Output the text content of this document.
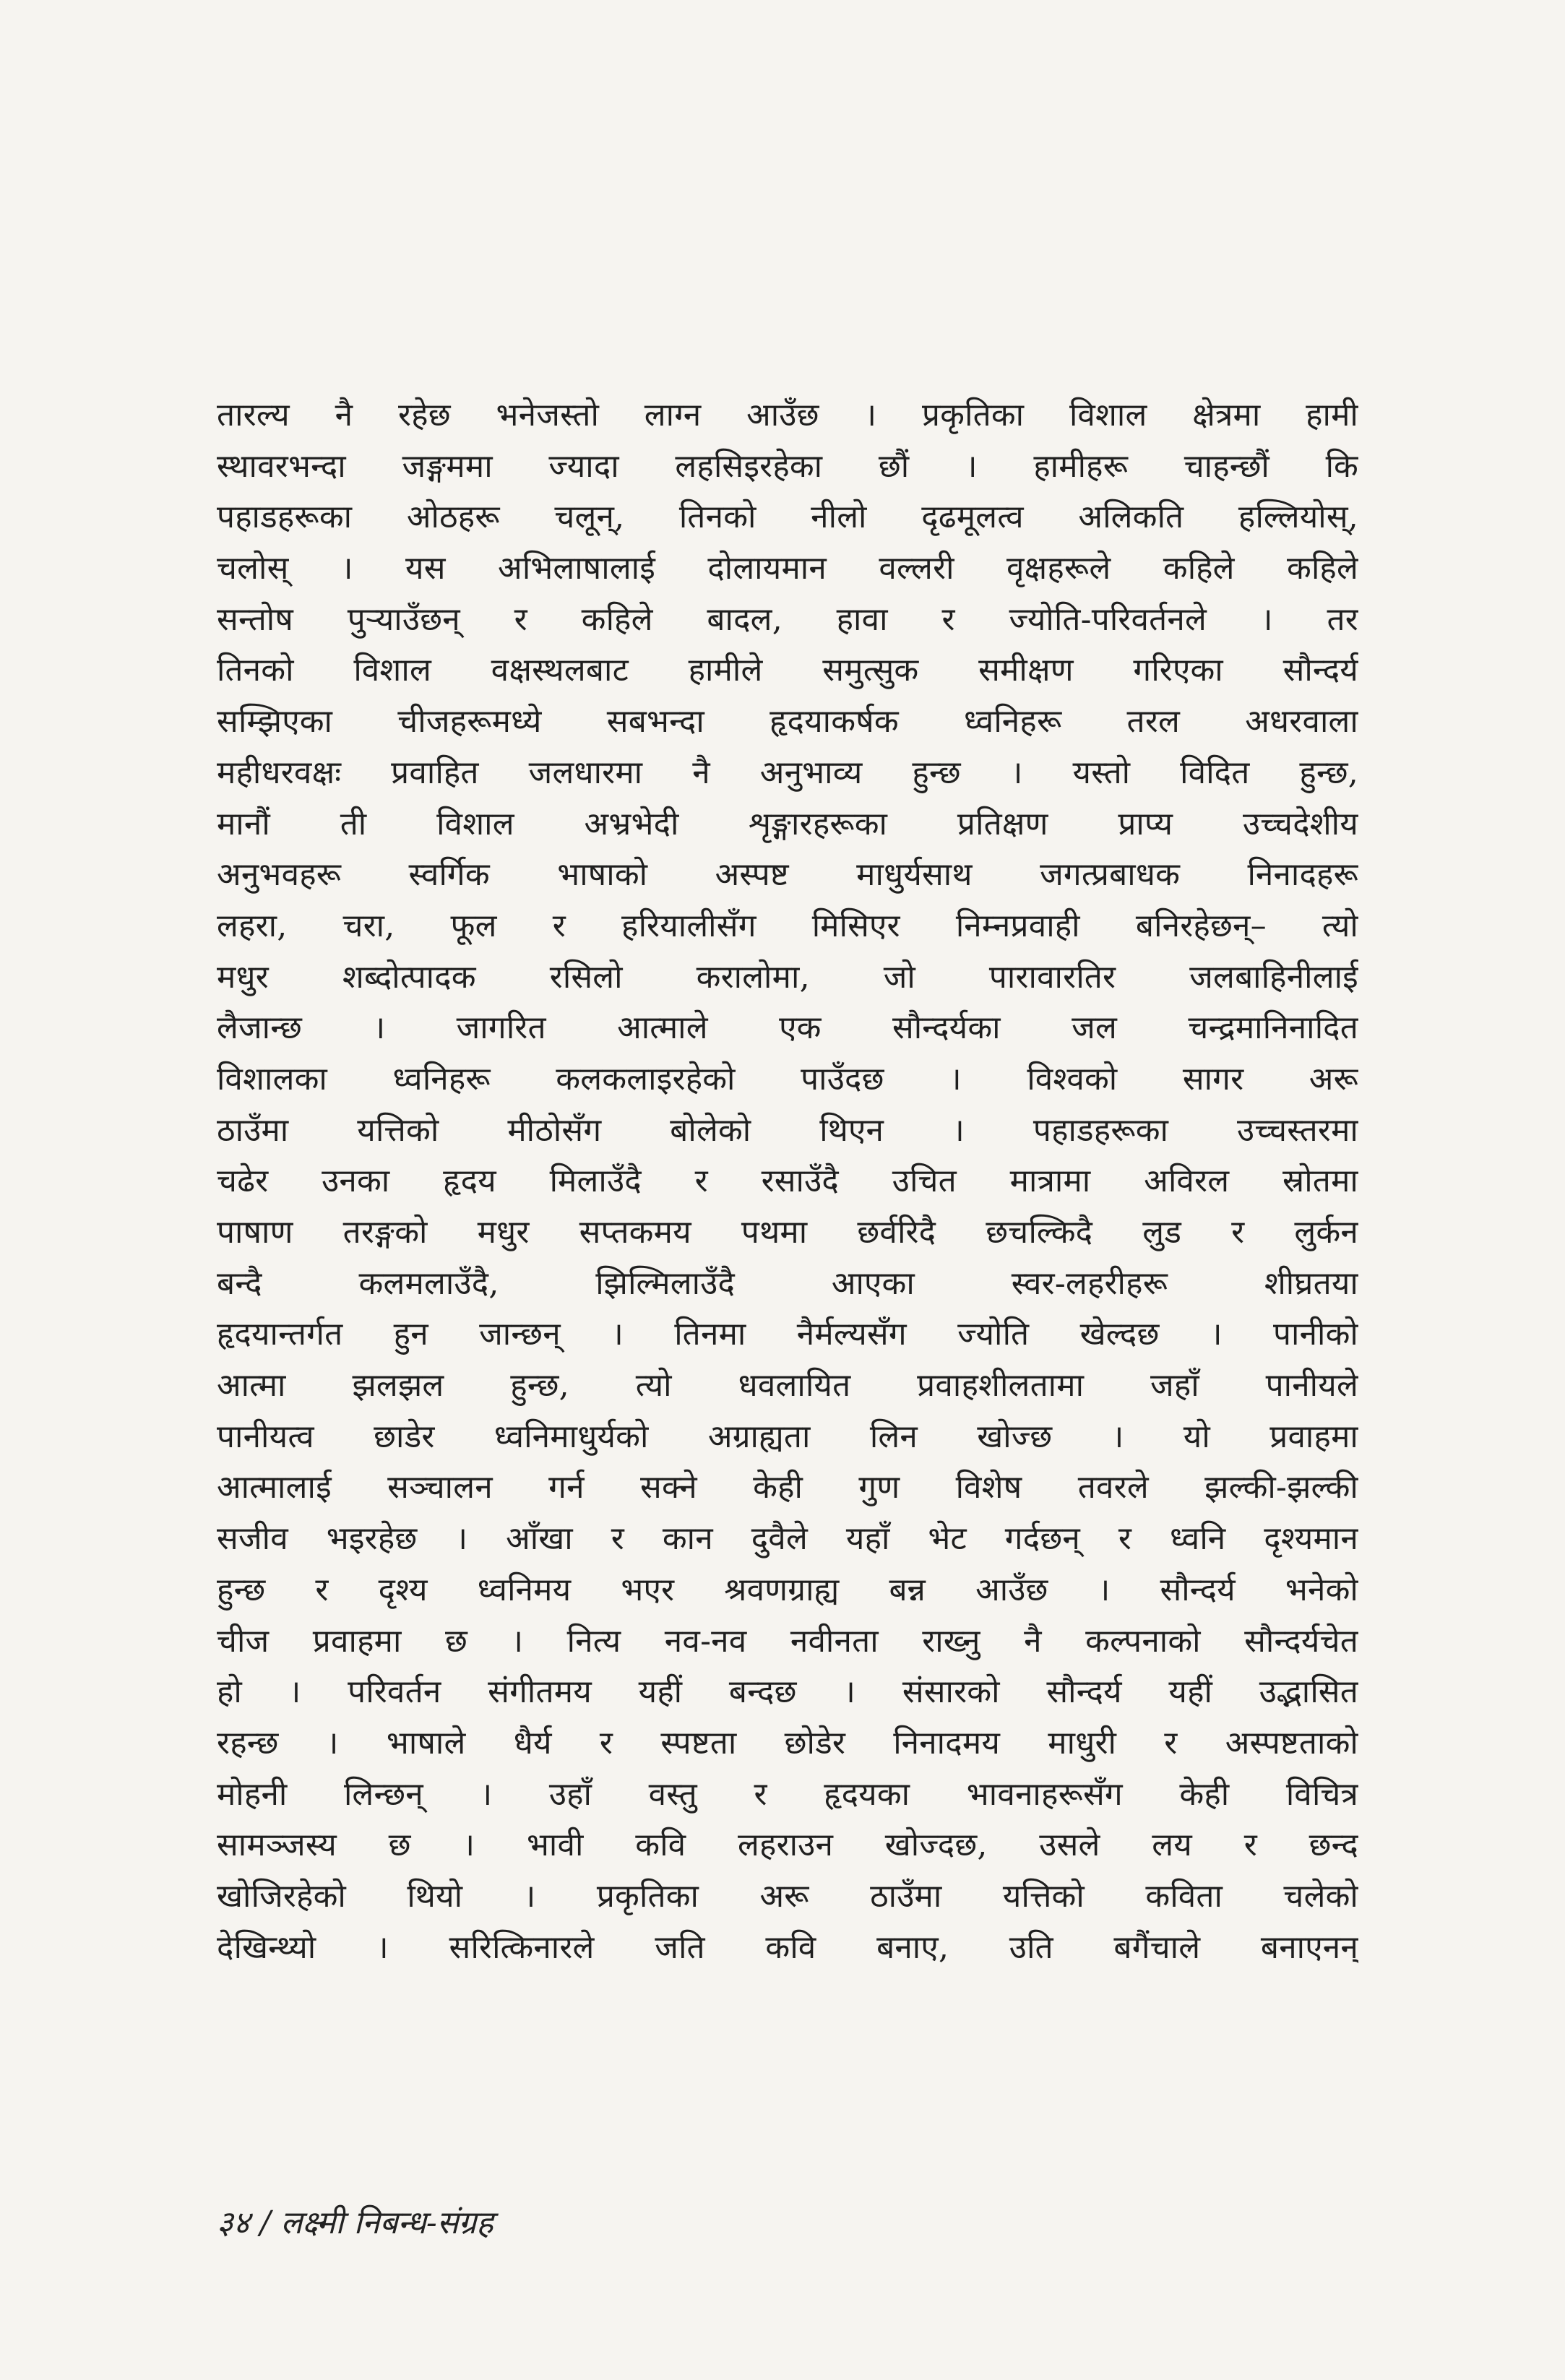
तारल्य नै रहेछ भनेजस्तो लाग्न आउँछ । प्रकृतिका विशाल क्षेत्रमा हामी
स्थावरभन्दा जङ्गममा ज्यादा लहसिइरहेका छौं । हामीहरू चाहन्छौं कि
पहाडहरूका ओठहरू चलून्, तिनको नीलो दृढमूलत्व अलिकति हल्लियोस्,
चलोस् । यस अभिलाषालाई दोलायमान वल्लरी वृक्षहरूले कहिले कहिले
सन्तोष पुऱ्याउँछन् र कहिले बादल, हावा र ज्योति-परिवर्तनले । तर
तिनको विशाल वक्षस्थलबाट हामीले समुत्सुक समीक्षण गरिएका सौन्दर्य
सम्झिएका चीजहरूमध्ये सबभन्दा हृदयाकर्षक ध्वनिहरू तरल अधरवाला
महीधरवक्षः प्रवाहित जलधारमा नै अनुभाव्य हुन्छ । यस्तो विदित हुन्छ,
मानौं ती विशाल अभ्रभेदी शृङ्गारहरूका प्रतिक्षण प्राप्य उच्चदेशीय
अनुभवहरू स्वर्गिक भाषाको अस्पष्ट माधुर्यसाथ जगत्प्रबाधक निनादहरू
लहरा, चरा, फूल र हरियालीसँग मिसिएर निम्नप्रवाही बनिरहेछन्– त्यो
मधुर शब्दोत्पादक रसिलो करालोमा, जो पारावारतिर जलबाहिनीलाई
लैजान्छ । जागरित आत्माले एक सौन्दर्यका जल चन्द्रमानिनादित
विशालका ध्वनिहरू कलकलाइरहेको पाउँदछ । विश्वको सागर अरू
ठाउँमा यत्तिको मीठोसँग बोलेको थिएन । पहाडहरूका उच्चस्तरमा
चढेर उनका हृदय मिलाउँदै र रसाउँदै उचित मात्रामा अविरल स्रोतमा
पाषाण तरङ्गको मधुर सप्तकमय पथमा छर्वरिदै छचल्किदै लुड र लुर्कन
बन्दै कलमलाउँदै, झिल्मिलाउँदै आएका स्वर-लहरीहरू शीघ्रतया
हृदयान्तर्गत हुन जान्छन् । तिनमा नैर्मल्यसँग ज्योति खेल्दछ । पानीको
आत्मा झलझल हुन्छ, त्यो धवलायित प्रवाहशीलतामा जहाँ पानीयले
पानीयत्व छाडेर ध्वनिमाधुर्यको अग्राह्यता लिन खोज्छ । यो प्रवाहमा
आत्मालाई सञ्चालन गर्न सक्ने केही गुण विशेष तवरले झल्की-झल्की
सजीव भइरहेछ । आँखा र कान दुवैले यहाँ भेट गर्दछन् र ध्वनि दृश्यमान
हुन्छ र दृश्य ध्वनिमय भएर श्रवणग्राह्य बन्न आउँछ । सौन्दर्य भनेको
चीज प्रवाहमा छ । नित्य नव-नव नवीनता राख्नु नै कल्पनाको सौन्दर्यचेत
हो । परिवर्तन संगीतमय यहीं बन्दछ । संसारको सौन्दर्य यहीं उद्भासित
रहन्छ । भाषाले धैर्य र स्पष्टता छोडेर निनादमय माधुरी र अस्पष्टताको
मोहनी लिन्छन् । उहाँ वस्तु र हृदयका भावनाहरूसँग केही विचित्र
सामञ्जस्य छ । भावी कवि लहराउन खोज्दछ, उसले लय र छन्द
खोजिरहेको थियो । प्रकृतिका अरू ठाउँमा यत्तिको कविता चलेको
देखिन्थ्यो । सरित्किनारले जति कवि बनाए, उति बगैंचाले बनाएनन्
३४ / लक्ष्मी निबन्ध-संग्रह
